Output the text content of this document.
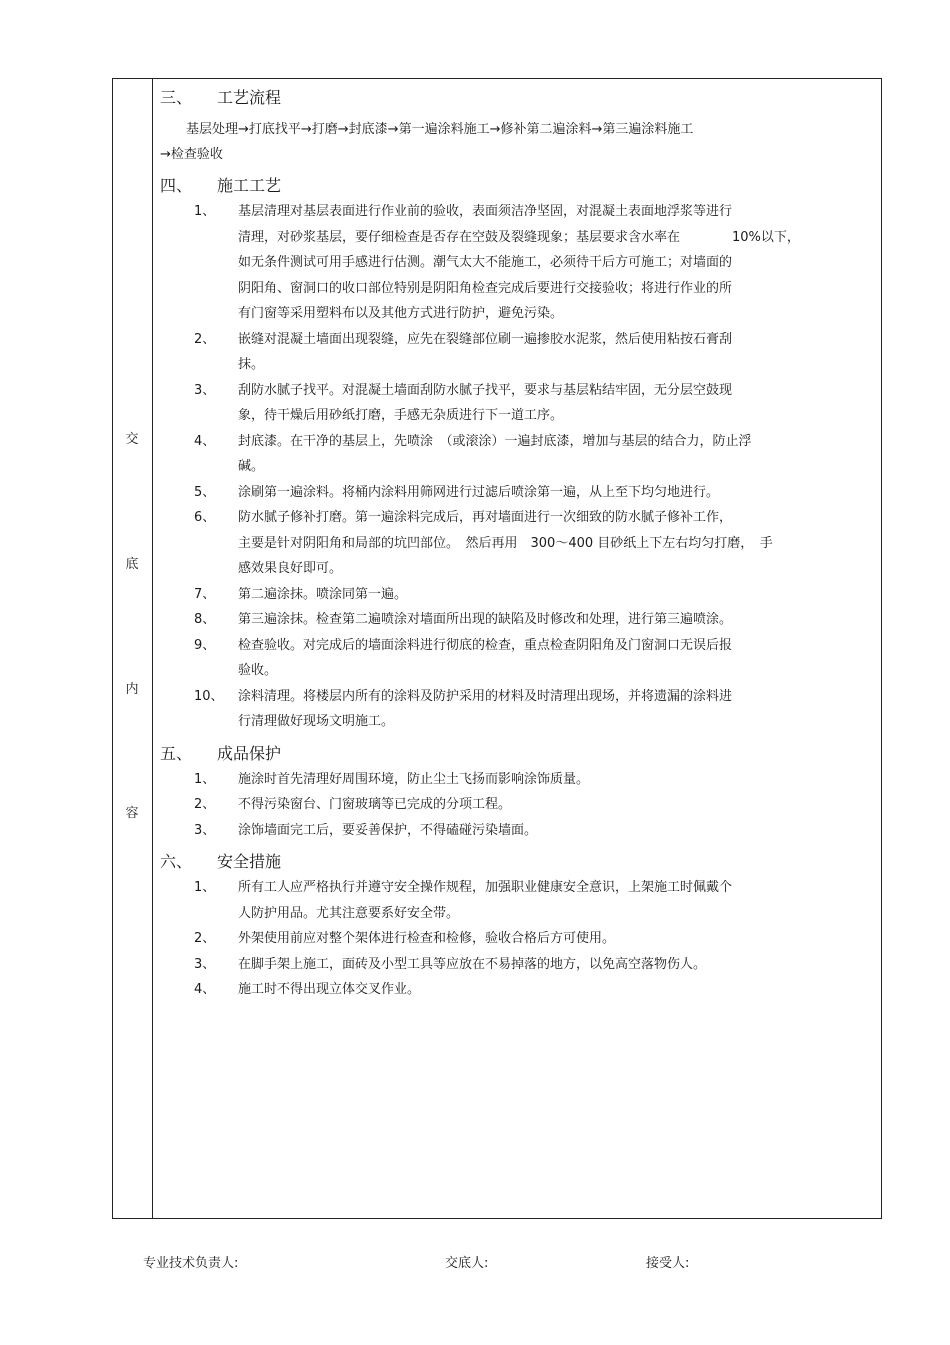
交
底
内
容
三、 工艺流程
　　基层处理→打底找平→打磨→封底漆→第一遍涂料施工→修补第二遍涂料→第三遍涂料施工
→检查验收
四、 施工工艺
1、 基层清理对基层表面进行作业前的验收，表面须洁净坚固，对混凝土表面地浮浆等进行
清理，对砂浆基层，要仔细检查是否存在空鼓及裂缝现象；基层要求含水率在　　　　10%以下，
如无条件测试可用手感进行估测。潮气太大不能施工，必须待干后方可施工；对墙面的
阴阳角、窗洞口的收口部位特别是阴阳角检查完成后要进行交接验收；将进行作业的所
有门窗等采用塑料布以及其他方式进行防护，避免污染。
2、 嵌缝对混凝土墙面出现裂缝，应先在裂缝部位刷一遍掺胶水泥浆，然后使用粘按石膏刮
抹。
3、 刮防水腻子找平。对混凝土墙面刮防水腻子找平，要求与基层粘结牢固，无分层空鼓现
象，待干燥后用砂纸打磨，手感无杂质进行下一道工序。
4、 封底漆。在干净的基层上，先喷涂　（或滚涂）一遍封底漆，增加与基层的结合力，防止浮
碱。
5、 涂刷第一遍涂料。将桶内涂料用筛网进行过滤后喷涂第一遍，从上至下均匀地进行。
6、 防水腻子修补打磨。第一遍涂料完成后，再对墙面进行一次细致的防水腻子修补工作，
主要是针对阴阳角和局部的坑凹部位。　然后再用　300～400 目砂纸上下左右均匀打磨，　手
感效果良好即可。
7、 第二遍涂抹。喷涂同第一遍。
8、 第三遍涂抹。检查第二遍喷涂对墙面所出现的缺陷及时修改和处理，进行第三遍喷涂。
9、 检查验收。对完成后的墙面涂料进行彻底的检查，重点检查阴阳角及门窗洞口无误后报
验收。
10、 涂料清理。将楼层内所有的涂料及防护采用的材料及时清理出现场，并将遗漏的涂料进
行清理做好现场文明施工。
五、 成品保护
1、 施涂时首先清理好周围环境，防止尘土飞扬而影响涂饰质量。
2、 不得污染窗台、门窗玻璃等已完成的分项工程。
3、 涂饰墙面完工后，要妥善保护，不得磕碰污染墙面。
六、 安全措施
1、 所有工人应严格执行并遵守安全操作规程，加强职业健康安全意识，上架施工时佩戴个
人防护用品。尤其注意要系好安全带。
2、 外架使用前应对整个架体进行检查和检修，验收合格后方可使用。
3、 在脚手架上施工，面砖及小型工具等应放在不易掉落的地方，以免高空落物伤人。
4、 施工时不得出现立体交叉作业。
专业技术负责人:	交底人:	接受人:
